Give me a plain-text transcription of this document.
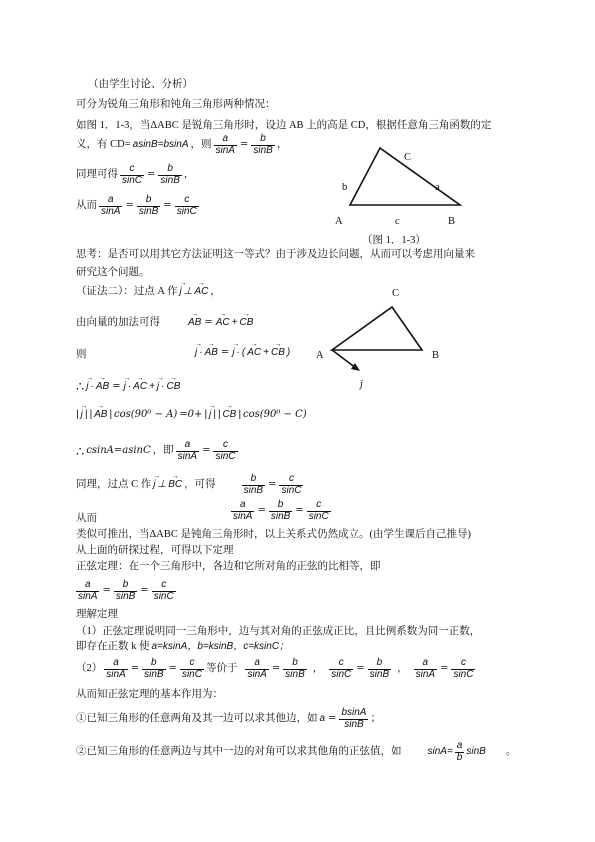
（由学生讨论、分析）
可分为锐角三角形和钝角三角形两种情况：
如图 1．1-3，当ΔABC 是锐角三角形时，设边 AB 上的高是 CD，根据任意角三角函数的定
义，有 CD= asinB=bsinA ，则 $\frac{a}{\sin A} = \frac{b}{\sin B}$ ，
同理可得 $\frac{c}{\sin C} = \frac{b}{\sin B}$ ，
从而 $\frac{a}{\sin A} = \frac{b}{\sin B} = \frac{c}{\sin C}$
C
b	a
A	c	B
（图 1．1-3）
思考：是否可以用其它方法证明这一等式？由于涉及边长问题，从而可以考虑用向量来
研究这个问题。
（证法二）：过点 A 作 → j ⊥ → AC ，
由向量的加法可得	→ AB = → AC + → CB
则	→ j · → AB = → j · ( → AC + → CB )
C
A	B
j
∴ → j · → AB = → j · → AC + → j · → CB
| → j | | → AB | cos(90⁰ − A) =0+ | → j | | → CB | cos(90⁰ − C)
∴ csinA=asinC ，即 $\frac{a}{\sin A} = \frac{c}{\sin C}$
同理，过点 C 作 → j ⊥ → BC ，可得	$\frac{b}{\sin B} = \frac{c}{\sin C}$
$\frac{a}{\sin A} = \frac{b}{\sin B} = \frac{c}{\sin C}$
从而
类似可推出，当ΔABC 是钝角三角形时，以上关系式仍然成立。(由学生课后自己推导)
从上面的研探过程，可得以下定理
正弦定理：在一个三角形中，各边和它所对角的正弦的比相等，即
$\frac{a}{\sin A} = \frac{b}{\sin B} = \frac{c}{\sin C}$
理解定理
（1）正弦定理说明同一三角形中，边与其对角的正弦成正比，且比例系数为同一正数，
即存在正数 k 使 a=ksinA，b=ksinB，c=ksinC；
$(2) \frac{a}{\sin A} = \frac{b}{\sin B} = \frac{c}{\sin C}$ 等价于 $\frac{a}{\sin A} = \frac{b}{\sin B}$ ， $\frac{c}{\sin C} = \frac{b}{\sin B}$ ， $\frac{a}{\sin A} = \frac{c}{\sin C}$
从而知正弦定理的基本作用为：
①已知三角形的任意两角及其一边可以求其他边，如 $a = \frac{bsinA}{\sin B}$ ；
②已知三角形的任意两边与其中一边的对角可以求其他角的正弦值，如	$\sin A= \frac{a}{b}$ sinB 。
